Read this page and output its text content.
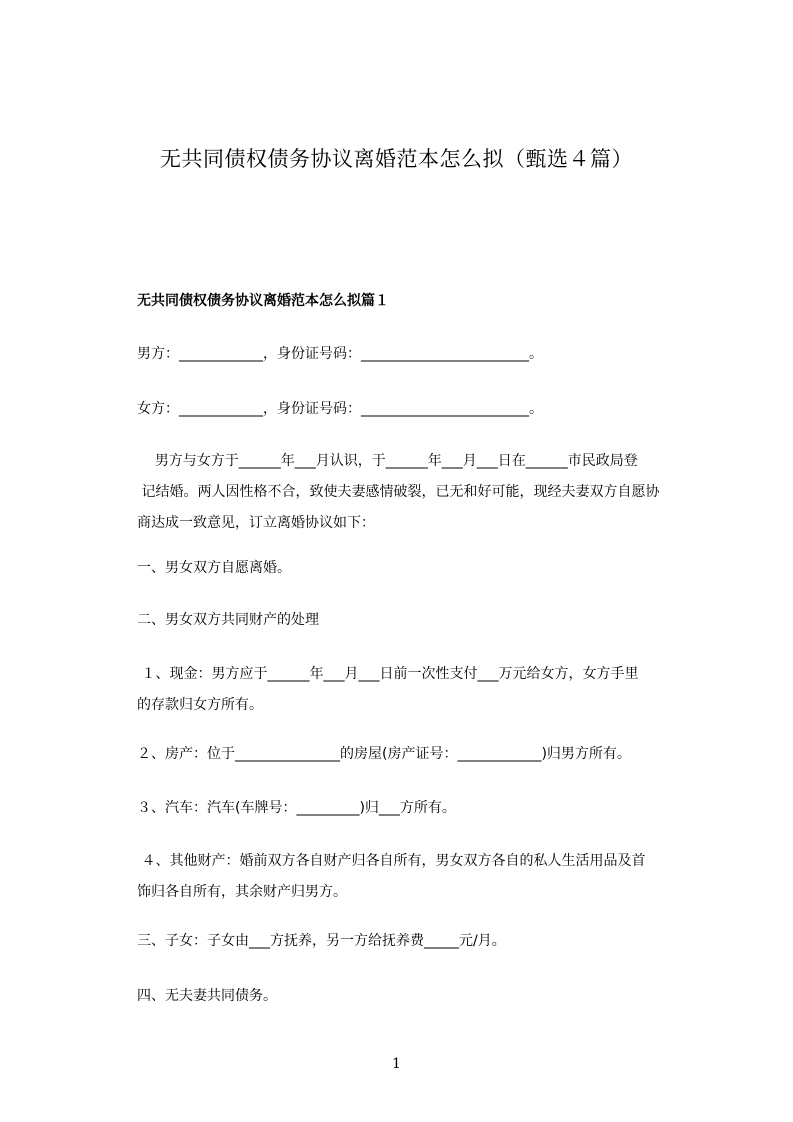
无共同债权债务协议离婚范本怎么拟（甄选４篇）
无共同债权债务协议离婚范本怎么拟篇１
男方：____________，身份证号码：________________________。
女方：____________，身份证号码：________________________。
男方与女方于______年___月认识，于______年___月___日在______市民政局登
记结婚。两人因性格不合，致使夫妻感情破裂，已无和好可能，现经夫妻双方自愿协
商达成一致意见，订立离婚协议如下：
一、男女双方自愿离婚。
二、男女双方共同财产的处理
１、现金：男方应于______年___月___日前一次性支付___万元给女方，女方手里
的存款归女方所有。
２、房产：位于_______________的房屋(房产证号：____________)归男方所有。
３、汽车：汽车(车牌号：_________)归___方所有。
４、其他财产：婚前双方各自财产归各自所有，男女双方各自的私人生活用品及首
饰归各自所有，其余财产归男方。
三、子女：子女由___方抚养，另一方给抚养费_____元/月。
四、无夫妻共同债务。
1
